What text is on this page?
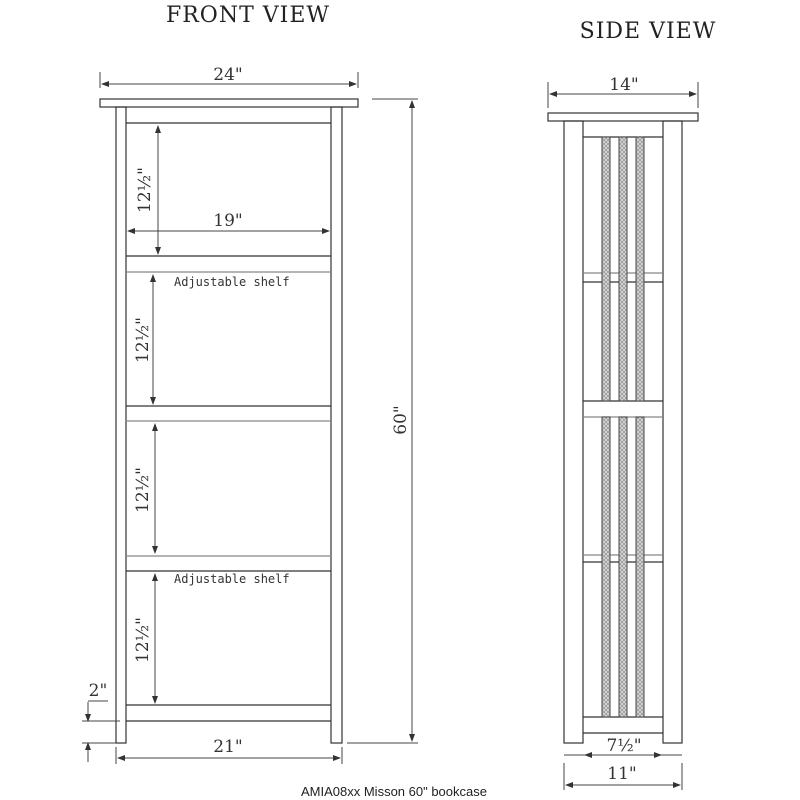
FRONT VIEW
24"
19"
12½"
12½"
12½"
12½"
Adjustable shelf
Adjustable shelf
60"
2"
21"
SIDE VIEW
14"
7½"
11"
AMIA08xx Misson 60" bookcase
